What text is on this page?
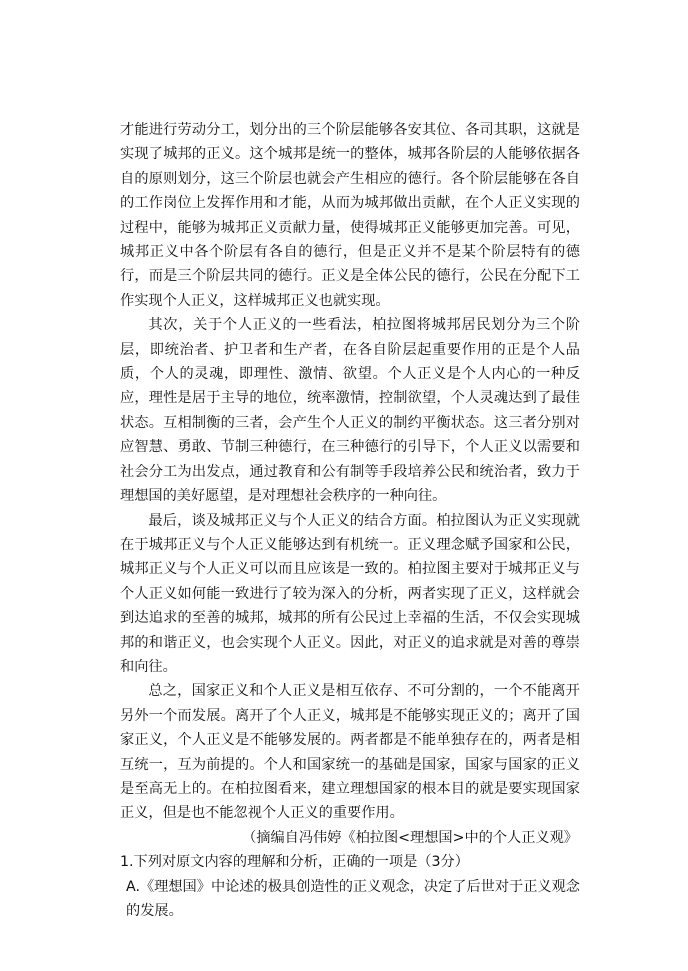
才能进行劳动分工，划分出的三个阶层能够各安其位、各司其职，这就是实现了城邦的正义。这个城邦是统一的整体，城邦各阶层的人能够依据各自的原则划分，这三个阶层也就会产生相应的德行。各个阶层能够在各自的工作岗位上发挥作用和才能，从而为城邦做出贡献，在个人正义实现的过程中，能够为城邦正义贡献力量，使得城邦正义能够更加完善。可见，城邦正义中各个阶层有各自的德行，但是正义并不是某个阶层特有的德行，而是三个阶层共同的德行。正义是全体公民的德行，公民在分配下工作实现个人正义，这样城邦正义也就实现。

其次，关于个人正义的一些看法，柏拉图将城邦居民划分为三个阶层，即统治者、护卫者和生产者，在各自阶层起重要作用的正是个人品质，个人的灵魂，即理性、激情、欲望。个人正义是个人内心的一种反应，理性是居于主导的地位，统率激情，控制欲望，个人灵魂达到了最佳状态。互相制衡的三者，会产生个人正义的制约平衡状态。这三者分别对应智慧、勇敢、节制三种德行，在三种德行的引导下，个人正义以需要和社会分工为出发点，通过教育和公有制等手段培养公民和统治者，致力于理想国的美好愿望，是对理想社会秩序的一种向往。

最后，谈及城邦正义与个人正义的结合方面。柏拉图认为正义实现就在于城邦正义与个人正义能够达到有机统一。正义理念赋予国家和公民，城邦正义与个人正义可以而且应该是一致的。柏拉图主要对于城邦正义与个人正义如何能一致进行了较为深入的分析，两者实现了正义，这样就会到达追求的至善的城邦，城邦的所有公民过上幸福的生活，不仅会实现城邦的和谐正义，也会实现个人正义。因此，对正义的追求就是对善的尊崇和向往。

总之，国家正义和个人正义是相互依存、不可分割的，一个不能离开另外一个而发展。离开了个人正义，城邦是不能够实现正义的；离开了国家正义，个人正义是不能够发展的。两者都是不能单独存在的，两者是相互统一，互为前提的。个人和国家统一的基础是国家，国家与国家的正义是至高无上的。在柏拉图看来，建立理想国家的根本目的就是要实现国家正义，但是也不能忽视个人正义的重要作用。

（摘编自冯伟婷《柏拉图<理想国>中的个人正义观》

1.下列对原文内容的理解和分析，正确的一项是（3分）

A.《理想国》中论述的极具创造性的正义观念，决定了后世对于正义观念的发展。
